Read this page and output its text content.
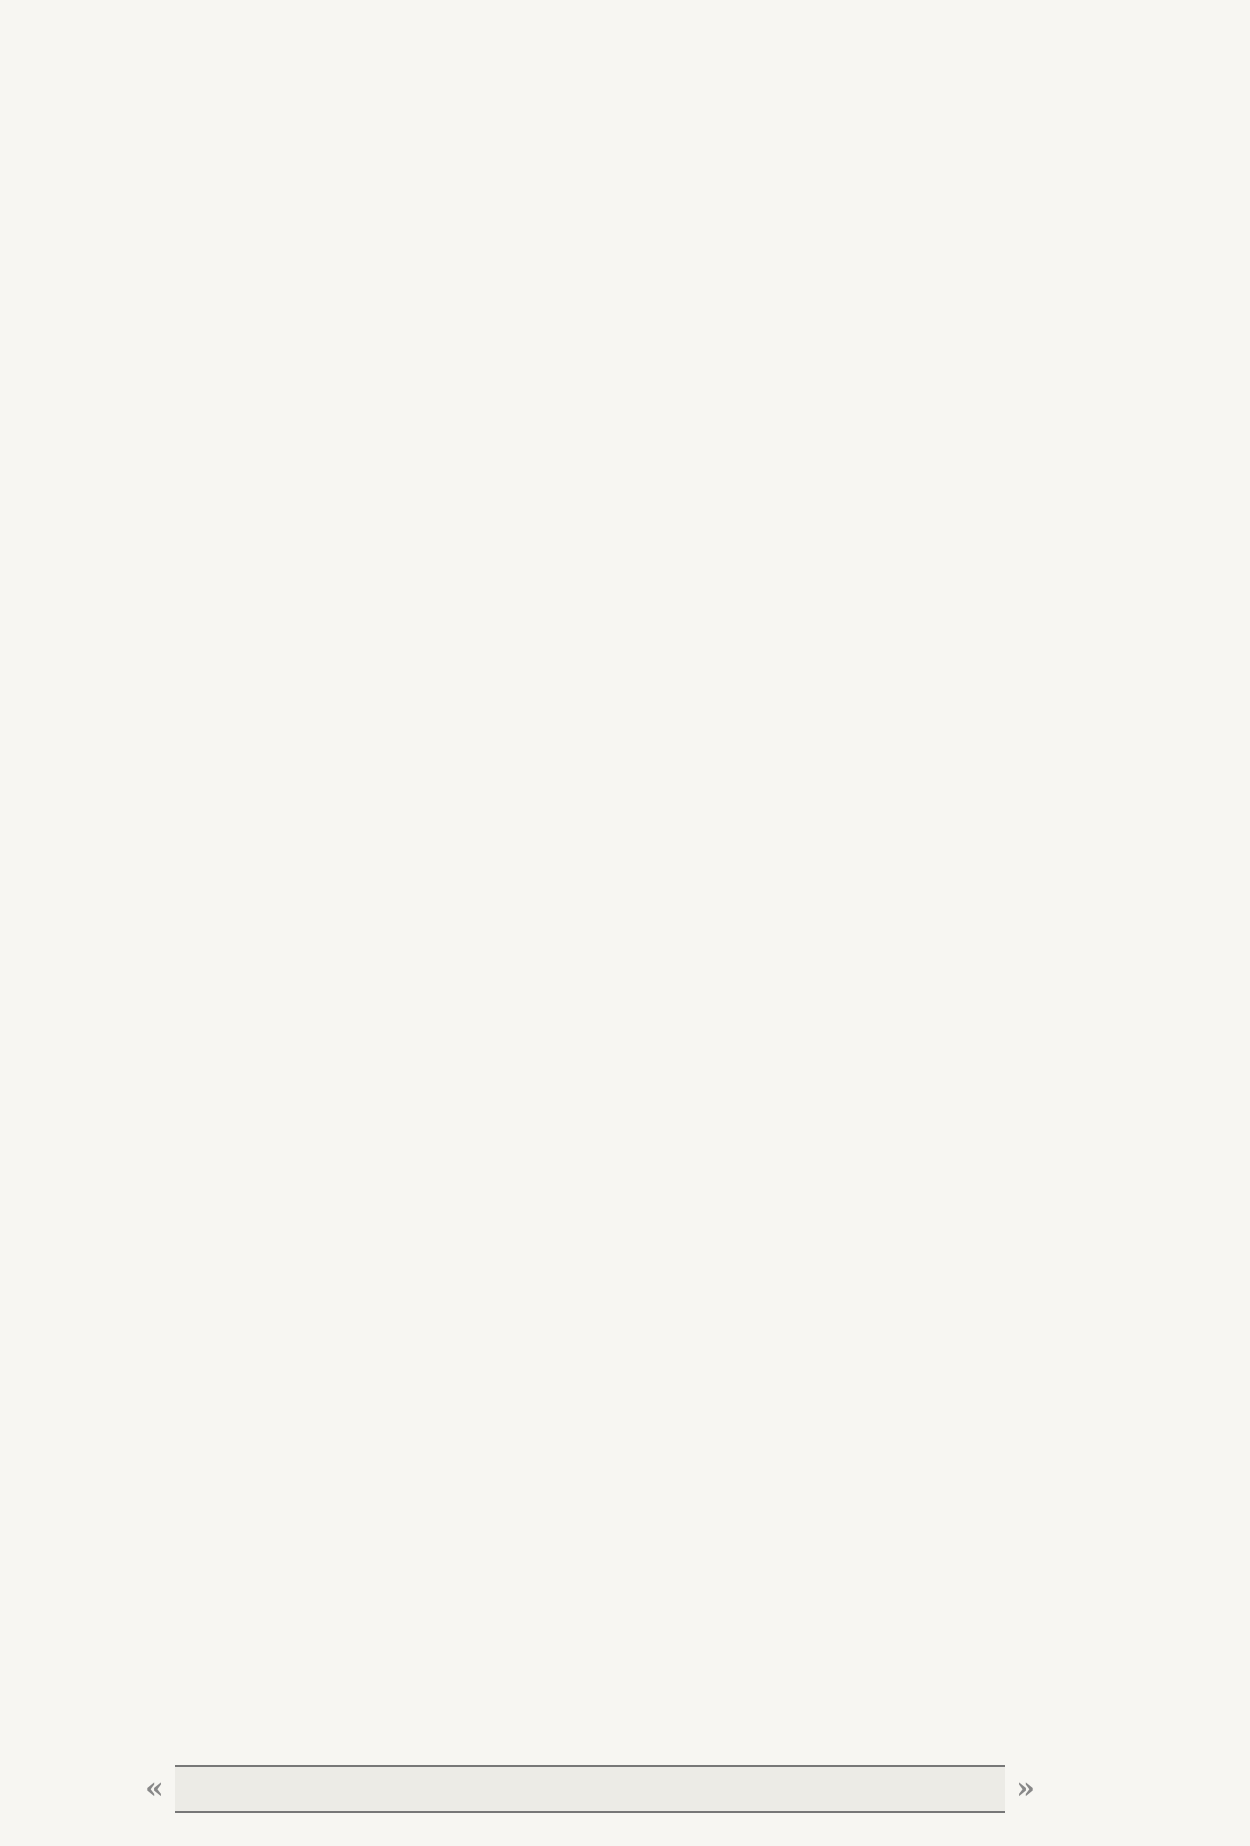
«	»
